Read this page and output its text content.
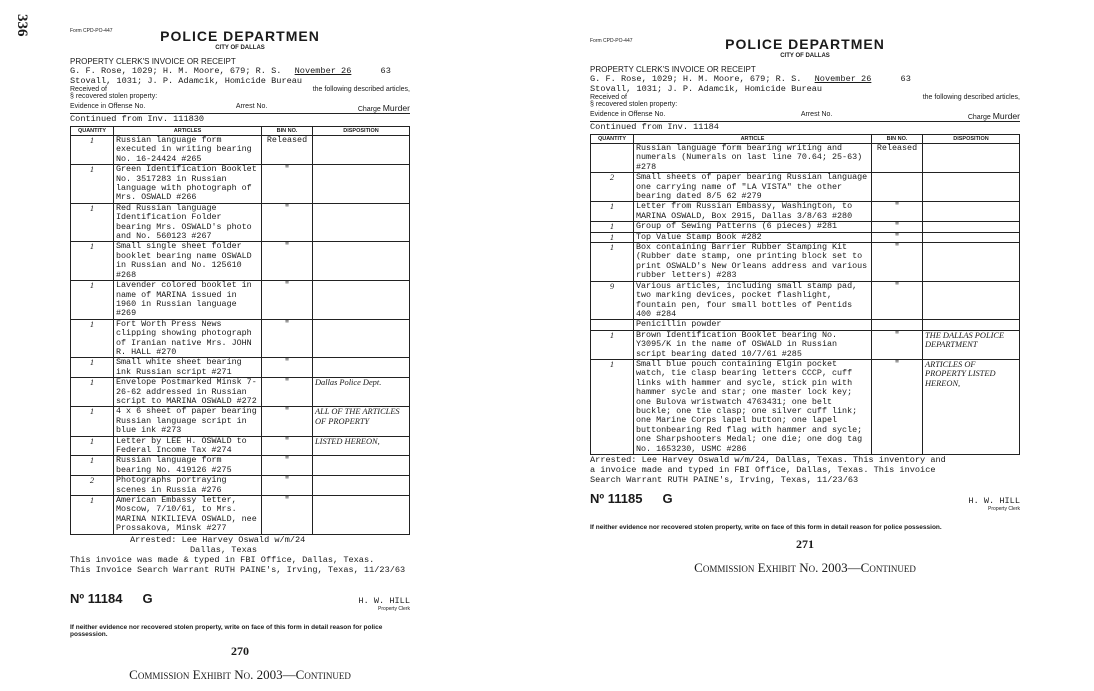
336	Form CPD-PO-447	POLICE DEPARTMEN
CITY OF DALLAS
PROPERTY CLERK'S INVOICE OR RECEIPT
G. F. Rose, 1029; H. M. Moore, 679; R. S. November 26	63
Stovall, 1031; J. P. Adamcik, Homicide Bureau
Received of	the following described articles,
§ recovered stolen property:
Evidence in Offense No.	Arrest No.	Charge Murder
Continued from Inv. 111830
QUANTITY	ARTICLES	BIN NO.	DISPOSITION
1	Russian language form executed in writing bearing No. 16-24424 #265	Released	
1	Green Identification Booklet No. 3517283 in Russian language with photograph of Mrs. OSWALD #266	"	
1	Red Russian language Identification Folder bearing Mrs. OSWALD's photo and No. 560123 #267	"	
1	Small single sheet folder booklet bearing name OSWALD in Russian and No. 125610 #268	"	
1	Lavender colored booklet in name of MARINA issued in 1960 in Russian language #269	"	
1	Fort Worth Press News clipping showing photograph of Iranian native Mrs. JOHN R. HALL #270	"	
1	Small white sheet bearing ink Russian script #271	"	
1	Envelope Postmarked Minsk 7-26-62 addressed in Russian script to MARINA OSWALD #272	"	Dallas Police Dept.
1	4 x 6 sheet of paper bearing Russian language script in blue ink #273	"	ALL OF THE ARTICLES OF PROPERTY
1	Letter by LEE H. OSWALD to Federal Income Tax #274	"	LISTED HEREON,
1	Russian language form bearing No. 419126 #275	"	
2	Photographs portraying scenes in Russia #276	"	
1	American Embassy letter, Moscow, 7/10/61, to Mrs. MARINA NIKILIEVA OSWALD, nee Prossakova, Minsk #277	"	
Arrested: Lee Harvey Oswald w/m/24
Dallas, Texas
This invoice was made & typed in FBI Office, Dallas, Texas.
This Invoice Search Warrant RUTH PAINE's, Irving, Texas, 11/23/63
Nº 11184 G	H. W. HILL
Property Clerk
If neither evidence nor recovered stolen property, write on face of this form in detail reason for police possession.
270
Commission Exhibit No. 2003—Continued
Form CPD-PO-447	POLICE DEPARTMEN
CITY OF DALLAS
PROPERTY CLERK'S INVOICE OR RECEIPT
G. F. Rose, 1029; H. M. Moore, 679; R. S. November 26	63
Stovall, 1031; J. P. Adamcik, Homicide Bureau
Received of	the following described articles,
§ recovered stolen property:
Evidence in Offense No.	Arrest No.	Charge Murder
Continued from Inv. 11184
QUANTITY	ARTICLE	BIN NO.	DISPOSITION
	Russian language form bearing writing and numerals (Numerals on last line 70.64; 25-63) #278	Released	
2	Small sheets of paper bearing Russian language one carrying name of "LA VISTA" the other bearing dated 8/5 62 #279		
1	Letter from Russian Embassy, Washington, to MARINA OSWALD, Box 2915, Dallas 3/8/63 #280	"	
1	Group of Sewing Patterns (6 pieces) #281	"	
1	Top Value Stamp Book #282	"	
1	Box containing Barrier Rubber Stamping Kit (Rubber date stamp, one printing block set to print OSWALD's New Orleans address and various rubber letters) #283	"	
9	Various articles, including small stamp pad, two marking devices, pocket flashlight, fountain pen, four small bottles of Pentids 400 #284	"	
	Penicillin powder		
1	Brown Identification Booklet bearing No. Y3095/K in the name of OSWALD in Russian script bearing dated 10/7/61 #285	"	THE DALLAS POLICE DEPARTMENT
1	Small blue pouch containing Elgin pocket watch, tie clasp bearing letters CCCP, cuff links with hammer and sycle, stick pin with hammer sycle and star; one master lock key; one Bulova wristwatch 4763431; one belt buckle; one tie clasp; one silver cuff link; one Marine Corps lapel button; one lapel buttonbearing Red flag with hammer and sycle; one Sharpshooters Medal; one die; one dog tag No. 1653230, USMC #286	"	ARTICLES OF PROPERTY LISTED HEREON,
Arrested: Lee Harvey Oswald w/m/24, Dallas, Texas. This inventory and
a invoice made and typed in FBI Office, Dallas, Texas. This invoice
Search Warrant RUTH PAINE's, Irving, Texas, 11/23/63
Nº 11185 G	H. W. HILL
Property Clerk
If neither evidence nor recovered stolen property, write on face of this form in detail reason for police possession.
271
Commission Exhibit No. 2003—Continued
